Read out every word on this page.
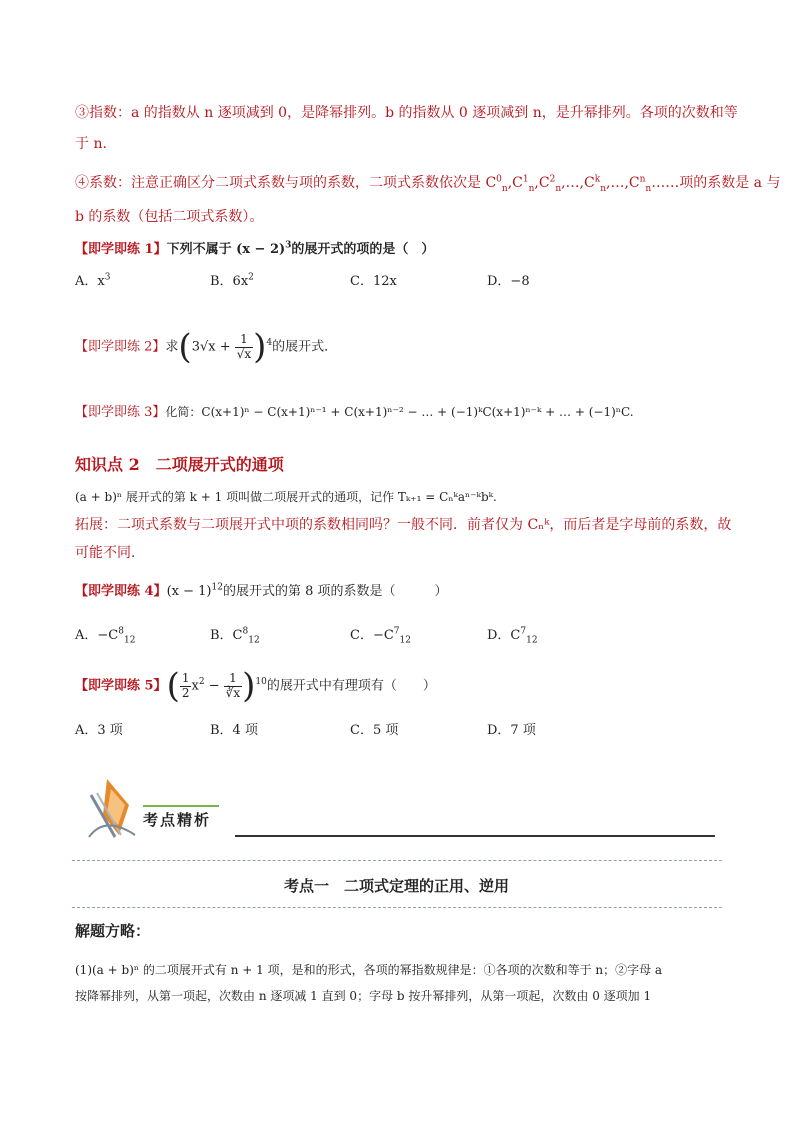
③指数：a 的指数从 n 逐项减到 0，是降幂排列。b 的指数从 0 逐项减到 n，是升幂排列。各项的次数和等
于 n.
④系数：注意正确区分二项式系数与项的系数，二项式系数依次是 $C^0_n,C^1_n,C^2_n,\dots,C^k_n,\dots,C^n_n\dots\dots$项的系数是 a 与
b 的系数（包括二项式系数）。
【即学即练 1】下列不属于 $(x - 2)^3$的展开式的项的是（　）
A．$x^3$	B．$6x^2$	C．12x	D．−8
【即学即练 2】求$(3√x + \frac{1}{√x} )^4$的展开式．
【即学即练 3】化简：C(x+1)ⁿ − C(x+1)ⁿ⁻¹ + C(x+1)ⁿ⁻² − … + (−1)ᵏC(x+1)ⁿ⁻ᵏ + … + (−1)ⁿC.
知识点 2　二项展开式的通项
(a + b)ⁿ 展开式的第 k + 1 项叫做二项展开式的通项，记作 Tₖ₊₁ = Cₙᵏaⁿ⁻ᵏbᵏ.
拓展：二项式系数与二项展开式中项的系数相同吗？一般不同．前者仅为 Cₙᵏ，而后者是字母前的系数，故
可能不同．
【即学即练 4】$(x - 1)^{12}$的展开式的第 8 项的系数是（　　　）
A．$-C^8_{12}$	B．$C^8_{12}$	C．$-C^7_{12}$	D．$C^7_{12}$
【即学即练 5】( $\frac{1}{2} x^2 - \frac{1}{∛x} )^{10}$的展开式中有理项有（　　）
A．3 项	B．4 项	C．5 项	D．7 项
考点精析
考点一　二项式定理的正用、逆用
解题方略：
(1)(a + b)ⁿ 的二项展开式有 n + 1 项，是和的形式，各项的幂指数规律是：①各项的次数和等于 n；②字母 a
按降幂排列，从第一项起，次数由 n 逐项减 1 直到 0；字母 b 按升幂排列，从第一项起，次数由 0 逐项加 1
